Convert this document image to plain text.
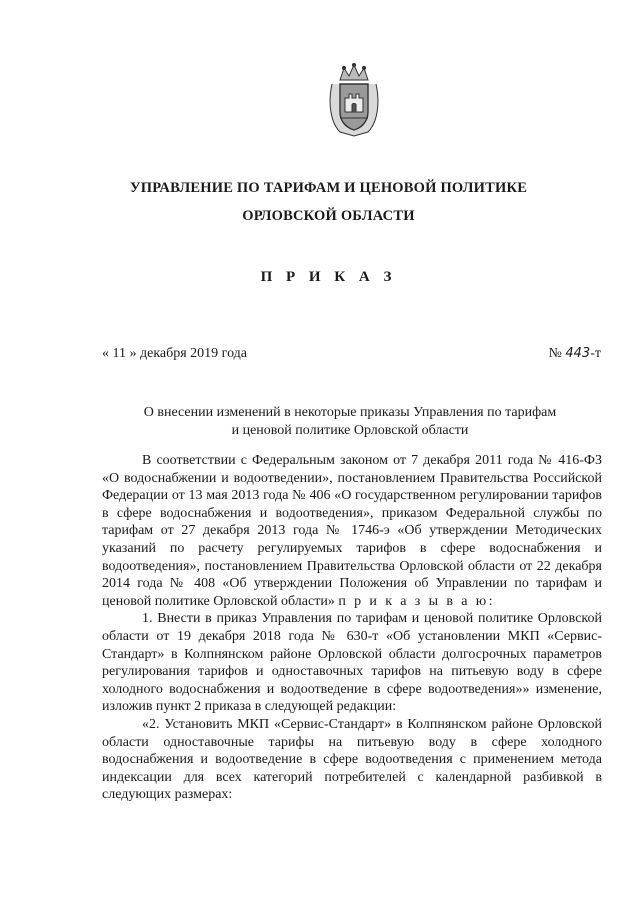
УПРАВЛЕНИЕ ПО ТАРИФАМ И ЦЕНОВОЙ ПОЛИТИКЕ
ОРЛОВСКОЙ ОБЛАСТИ
П Р И К А З
« 11 » декабря 2019 года	№ 443-т
О внесении изменений в некоторые приказы Управления по тарифам
и ценовой политике Орловской области

В соответствии с Федеральным законом от 7 декабря 2011 года № 416-ФЗ «О водоснабжении и водоотведении», постановлением Правительства Российской Федерации от 13 мая 2013 года № 406 «О государственном регулировании тарифов в сфере водоснабжения и водоотведения», приказом Федеральной службы по тарифам от 27 декабря 2013 года № 1746-э «Об утверждении Методических указаний по расчету регулируемых тарифов в сфере водоснабжения и водоотведения», постановлением Правительства Орловской области от 22 декабря 2014 года № 408 «Об утверждении Положения об Управлении по тарифам и ценовой политике Орловской области» п р и к а з ы в а ю:

1. Внести в приказ Управления по тарифам и ценовой политике Орловской области от 19 декабря 2018 года № 630-т «Об установлении МКП «Сервис-Стандарт» в Колпнянском районе Орловской области долгосрочных параметров регулирования тарифов и одноставочных тарифов на питьевую воду в сфере холодного водоснабжения и водоотведение в сфере водоотведения»» изменение, изложив пункт 2 приказа в следующей редакции:

«2. Установить МКП «Сервис-Стандарт» в Колпнянском районе Орловской области одноставочные тарифы на питьевую воду в сфере холодного водоснабжения и водоотведение в сфере водоотведения с применением метода индексации для всех категорий потребителей с календарной разбивкой в следующих размерах:
